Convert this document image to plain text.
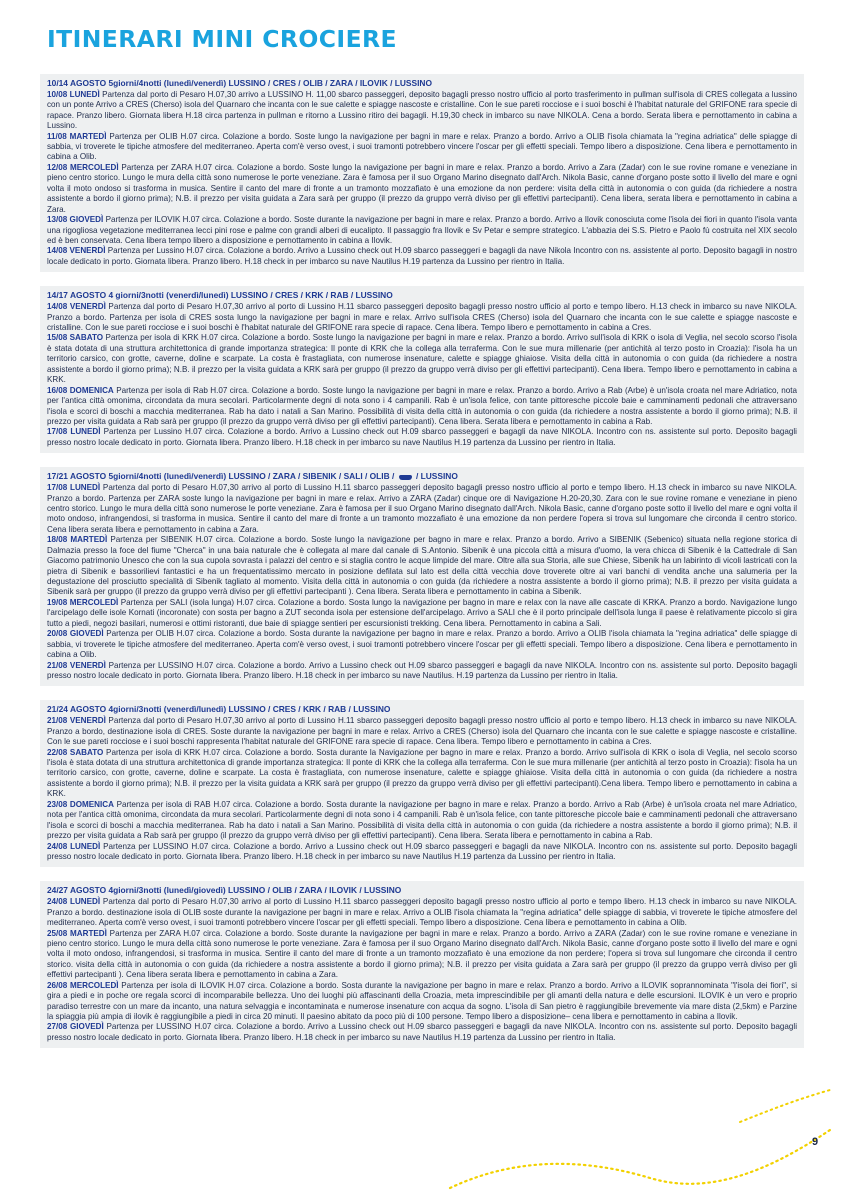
ITINERARI MINI CROCIERE
10/14 AGOSTO 5giorni/4notti (lunedì/venerdì) LUSSINO / CRES / OLIB / ZARA / ILOVIK / LUSSINO

10/08 LUNEDÌ Partenza dal porto di Pesaro H.07,30 arrivo a LUSSINO H. 11,00 sbarco passeggeri, deposito bagagli presso nostro ufficio al porto trasferimento in pullman sull'isola di CRES collegata a lussino con un ponte Arrivo a CRES (Cherso) isola del Quarnaro che incanta con le sue calette e spiagge nascoste e cristalline. Con le sue pareti rocciose e i suoi boschi è l'habitat naturale del GRIFONE rara specie di rapace. Pranzo libero. Giornata libera H.18 circa partenza in pullman e ritorno a Lussino ritiro dei bagagli. H.19,30 check in imbarco su nave NIKOLA. Cena a bordo. Serata libera e pernottamento in cabina a Lussino.

11/08 MARTEDÌ Partenza per OLIB H.07 circa. Colazione a bordo. Soste lungo la navigazione per bagni in mare e relax. Pranzo a bordo. Arrivo a OLIB l'isola chiamata la "regina adriatica" delle spiagge di sabbia, vi troverete le tipiche atmosfere del mediterraneo. Aperta com'è verso ovest, i suoi tramonti potrebbero vincere l'oscar per gli effetti speciali. Tempo libero a disposizione. Cena libera e pernottamento in cabina a Olib.

12/08 MERCOLEDÌ Partenza per ZARA H.07 circa. Colazione a bordo. Soste lungo la navigazione per bagni in mare e relax. Pranzo a bordo. Arrivo a Zara (Zadar) con le sue rovine romane e veneziane in pieno centro storico. Lungo le mura della città sono numerose le porte veneziane. Zara è famosa per il suo Organo Marino disegnato dall'Arch. Nikola Basic, canne d'organo poste sotto il livello del mare e ogni volta il moto ondoso si trasforma in musica. Sentire il canto del mare di fronte a un tramonto mozzafiato è una emozione da non perdere: visita della città in autonomia o con guida (da richiedere a nostra assistente a bordo il giorno prima); N.B. il prezzo per visita guidata a Zara sarà per gruppo (il prezzo da gruppo verrà diviso per gli effettivi partecipanti). Cena libera, serata libera e pernottamento in cabina a Zara.

13/08 GIOVEDÌ Partenza per ILOVIK H.07 circa. Colazione a bordo. Soste durante la navigazione per bagni in mare e relax. Pranzo a bordo. Arrivo a Ilovik conosciuta come l'isola dei fiori in quanto l'isola vanta una rigogliosa vegetazione mediterranea lecci pini rose e palme con grandi alberi di eucalipto. Il passaggio fra Ilovik e Sv Petar e sempre strategico. L'abbazia dei S.S. Pietro e Paolo fù costruita nel XIX secolo ed è ben conservata. Cena libera tempo libero a disposizione e pernottamento in cabina a Ilovik.

14/08 VENERDÌ Partenza per Lussino H.07 circa. Colazione a bordo. Arrivo a Lussino check out H.09 sbarco passeggeri e bagagli da nave Nikola Incontro con ns. assistente al porto. Deposito bagagli in nostro locale dedicato in porto. Giornata libera. Pranzo libero. H.18 check in per imbarco su nave Nautilus H.19 partenza da Lussino per rientro in Italia.

14/17 AGOSTO 4 giorni/3notti (venerdì/lunedì) LUSSINO / CRES / KRK / RAB / LUSSINO

14/08 VENERDÌ Partenza dal porto di Pesaro H.07,30 arrivo al porto di Lussino H.11 sbarco passeggeri deposito bagagli presso nostro ufficio al porto e tempo libero. H.13 check in imbarco su nave NIKOLA. Pranzo a bordo. Partenza per isola di CRES sosta lungo la navigazione per bagni in mare e relax. Arrivo sull'isola CRES (Cherso) isola del Quarnaro che incanta con le sue calette e spiagge nascoste e cristalline. Con le sue pareti rocciose e i suoi boschi è l'habitat naturale del GRIFONE rara specie di rapace. Cena libera. Tempo libero e pernottamento in cabina a Cres.

15/08 SABATO Partenza per isola di KRK H.07 circa. Colazione a bordo. Soste lungo la navigazione per bagni in mare e relax. Pranzo a bordo. Arrivo sull'isola di KRK o isola di Veglia, nel secolo scorso l'isola è stata dotata di una struttura architettonica di grande importanza strategica: Il ponte di KRK che la collega alla terraferma. Con le sue mura millenarie (per antichità al terzo posto in Croazia): l'isola ha un territorio carsico, con grotte, caverne, doline e scarpate. La costa è frastagliata, con numerose insenature, calette e spiagge ghiaiose. Visita della città in autonomia o con guida (da richiedere a nostra assistente a bordo il giorno prima); N.B. il prezzo per la visita guidata a KRK sarà per gruppo (il prezzo da gruppo verrà diviso per gli effettivi partecipanti). Cena libera. Tempo libero e pernottamento in cabina a KRK.

16/08 DOMENICA Partenza per isola di Rab H.07 circa. Colazione a bordo. Soste lungo la navigazione per bagni in mare e relax. Pranzo a bordo. Arrivo a Rab (Arbe) è un'isola croata nel mare Adriatico, nota per l'antica città omonima, circondata da mura secolari. Particolarmente degni di nota sono i 4 campanili. Rab è un'isola felice, con tante pittoresche piccole baie e camminamenti pedonali che attraversano l'isola e scorci di boschi a macchia mediterranea. Rab ha dato i natali a San Marino. Possibilità di visita della città in autonomia o con guida (da richiedere a nostra assistente a bordo il giorno prima); N.B. il prezzo per visita guidata a Rab sarà per gruppo (il prezzo da gruppo verrà diviso per gli effettivi partecipanti). Cena libera. Serata libera e pernottamento in cabina a Rab.

17/08 LUNEDÌ Partenza per Lussino H.07 circa. Colazione a bordo. Arrivo a Lussino check out H.09 sbarco passeggeri e bagagli da nave NIKOLA. Incontro con ns. assistente sul porto. Deposito bagagli presso nostro locale dedicato in porto. Giornata libera. Pranzo libero. H.18 check in per imbarco su nave Nautilus H.19 partenza da Lussino per rientro in Italia.

17/21 AGOSTO 5giorni/4notti (lunedì/venerdì) LUSSINO / ZARA / SIBENIK / SALI / OLIB /	/ LUSSINO

17/08 LUNEDÌ Partenza dal porto di Pesaro H.07,30 arrivo al porto di Lussino H.11 sbarco passeggeri deposito bagagli presso nostro ufficio al porto e tempo libero. H.13 check in imbarco su nave NIKOLA. Pranzo a bordo. Partenza per ZARA soste lungo la navigazione per bagni in mare e relax. Arrivo a ZARA (Zadar) cinque ore di Navigazione H.20-20,30. Zara con le sue rovine romane e veneziane in pieno centro storico. Lungo le mura della città sono numerose le porte veneziane. Zara è famosa per il suo Organo Marino disegnato dall'Arch. Nikola Basic, canne d'organo poste sotto il livello del mare e ogni volta il moto ondoso, infrangendosi, si trasforma in musica. Sentire il canto del mare di fronte a un tramonto mozzafiato è una emozione da non perdere l'opera si trova sul lungomare che circonda il centro storico. Cena libera serata libera e pernottamento in cabina a Zara.

18/08 MARTEDÌ Partenza per SIBENIK H.07 circa. Colazione a bordo. Soste lungo la navigazione per bagno in mare e relax. Pranzo a bordo. Arrivo a SIBENIK (Sebenico) situata nella regione storica di Dalmazia presso la foce del fiume "Cherca" in una baia naturale che è collegata al mare dal canale di S.Antonio. Sibenik è una piccola città a misura d'uomo, la vera chicca di Sibenik è la Cattedrale di San Giacomo patrimonio Unesco che con la sua cupola sovrasta i palazzi del centro e si staglia contro le acque limpide del mare. Oltre alla sua Storia, alle sue Chiese, Sibenik ha un labirinto di vicoli lastricati con la pietra di Sibenik e bassorilievi fantastici e ha un frequentatissimo mercato in posizione defilata sul lato est della città vecchia dove troverete oltre ai vari banchi di vendita anche una salumeria per la degustazione del prosciutto specialità di Sibenik tagliato al momento. Visita della città in autonomia o con guida (da richiedere a nostra assistente a bordo il giorno prima); N.B. il prezzo per visita guidata a Sibenik sarà per gruppo (il prezzo da gruppo verrà diviso per gli effettivi partecipanti ). Cena libera. Serata libera e pernottamento in cabina a Sibenik.

19/08 MERCOLEDÌ Partenza per SALI (isola lunga) H.07 circa. Colazione a bordo. Sosta lungo la navigazione per bagno in mare e relax con la nave alle cascate di KRKA. Pranzo a bordo. Navigazione lungo l'arcipelago delle isole Kornati (incoronate) con sosta per bagno a ZUT seconda isola per estensione dell'arcipelago. Arrivo a SALI che è il porto principale dell'isola lunga il paese è relativamente piccolo si gira tutto a piedi, negozi basilari, numerosi e ottimi ristoranti, due baie di spiagge sentieri per escursionisti trekking. Cena libera. Pernottamento in cabina a Sali.

20/08 GIOVEDÌ Partenza per OLIB H.07 circa. Colazione a bordo. Sosta durante la navigazione per bagno in mare e relax. Pranzo a bordo. Arrivo a OLIB l'isola chiamata la "regina adriatica" delle spiagge di sabbia, vi troverete le tipiche atmosfere del mediterraneo. Aperta com'è verso ovest, i suoi tramonti potrebbero vincere l'oscar per gli effetti speciali. Tempo libero a disposizione. Cena libera e pernottamento in cabina a Olib.

21/08 VENERDÌ Partenza per LUSSINO H.07 circa. Colazione a bordo. Arrivo a Lussino check out H.09 sbarco passeggeri e bagagli da nave NIKOLA. Incontro con ns. assistente sul porto. Deposito bagagli presso nostro locale dedicato in porto. Giornata libera. Pranzo libero. H.18 check in per imbarco su nave Nautilus. H.19 partenza da Lussino per rientro in Italia.

21/24 AGOSTO 4giorni/3notti (venerdì/lunedì) LUSSINO / CRES / KRK / RAB / LUSSINO

21/08 VENERDÌ Partenza dal porto di Pesaro H.07,30 arrivo al porto di Lussino H.11 sbarco passeggeri deposito bagagli presso nostro ufficio al porto e tempo libero. H.13 check in imbarco su nave NIKOLA. Pranzo a bordo, destinazione isola di CRES. Soste durante la navigazione per bagni in mare e relax. Arrivo a CRES (Cherso) isola del Quarnaro che incanta con le sue calette e spiagge nascoste e cristalline. Con le sue pareti rocciose e i suoi boschi rappresenta l'habitat naturale del GRIFONE rara specie di rapace. Cena libera. Tempo libero e pernottamento in cabina a Cres.

22/08 SABATO Partenza per isola di KRK H.07 circa. Colazione a bordo. Sosta durante la Navigazione per bagno in mare e relax. Pranzo a bordo. Arrivo sull'isola di KRK o isola di Veglia, nel secolo scorso l'isola è stata dotata di una struttura architettonica di grande importanza strategica: Il ponte di KRK che la collega alla terraferma. Con le sue mura millenarie (per antichità al terzo posto in Croazia): l'isola ha un territorio carsico, con grotte, caverne, doline e scarpate. La costa è frastagliata, con numerose insenature, calette e spiagge ghiaiose. Visita della città in autonomia o con guida (da richiedere a nostra assistente a bordo il giorno prima); N.B. il prezzo per la visita guidata a KRK sarà per gruppo (il prezzo da gruppo verrà diviso per gli effettivi partecipanti).Cena libera. Tempo libero e pernottamento in cabina a KRK.

23/08 DOMENICA Partenza per isola di RAB H.07 circa. Colazione a bordo. Sosta durante la navigazione per bagno in mare e relax. Pranzo a bordo. Arrivo a Rab (Arbe) è un'isola croata nel mare Adriatico, nota per l'antica città omonima, circondata da mura secolari. Particolarmente degni di nota sono i 4 campanili. Rab è un'isola felice, con tante pittoresche piccole baie e camminamenti pedonali che attraversano l'isola e scorci di boschi a macchia mediterranea. Rab ha dato i natali a San Marino. Possibilità di visita della città in autonomia o con guida (da richiedere a nostra assistente a bordo il giorno prima); N.B. il prezzo per visita guidata a Rab sarà per gruppo (il prezzo da gruppo verrà diviso per gli effettivi partecipanti). Cena libera. Serata libera e pernottamento in cabina a Rab.

24/08 LUNEDÌ Partenza per LUSSINO H.07 circa. Colazione a bordo. Arrivo a Lussino check out H.09 sbarco passeggeri e bagagli da nave NIKOLA. Incontro con ns. assistente sul porto. Deposito bagagli presso nostro locale dedicato in porto. Giornata libera. Pranzo libero. H.18 check in per imbarco su nave Nautilus H.19 partenza da Lussino per rientro in Italia.

24/27 AGOSTO 4giorni/3notti (lunedì/giovedì) LUSSINO / OLIB / ZARA / ILOVIK / LUSSINO

24/08 LUNEDÌ Partenza dal porto di Pesaro H.07,30 arrivo al porto di Lussino H.11 sbarco passeggeri deposito bagagli presso nostro ufficio al porto e tempo libero. H.13 check in imbarco su nave NIKOLA. Pranzo a bordo. destinazione isola di OLIB soste durante la navigazione per bagni in mare e relax. Arrivo a OLIB l'isola chiamata la "regina adriatica" delle spiagge di sabbia, vi troverete le tipiche atmosfere del mediterraneo. Aperta com'è verso ovest, i suoi tramonti potrebbero vincere l'oscar per gli effetti speciali. Tempo libero a disposizione. Cena libera e pernottamento in cabina a Olib.

25/08 MARTEDÌ Partenza per ZARA H.07 circa. Colazione a bordo. Soste durante la navigazione per bagni in mare e relax. Pranzo a bordo. Arrivo a ZARA (Zadar) con le sue rovine romane e veneziane in pieno centro storico. Lungo le mura della città sono numerose le porte veneziane. Zara è famosa per il suo Organo Marino disegnato dall'Arch. Nikola Basic, canne d'organo poste sotto il livello del mare e ogni volta il moto ondoso, infrangendosi, si trasforma in musica. Sentire il canto del mare di fronte a un tramonto mozzafiato è una emozione da non perdere; l'opera si trova sul lungomare che circonda il centro storico. visita della città in autonomia o con guida (da richiedere a nostra assistente a bordo il giorno prima); N.B. il prezzo per visita guidata a Zara sarà per gruppo (il prezzo da gruppo verrà diviso per gli effettivi partecipanti ). Cena libera serata libera e pernottamento in cabina a Zara.

26/08 MERCOLEDÌ Partenza per isola di ILOVIK H.07 circa. Colazione a bordo. Sosta durante la navigazione per bagno in mare e relax. Pranzo a bordo. Arrivo a ILOVIK soprannominata "l'isola dei fiori", si gira a piedi e in poche ore regala scorci di incomparabile bellezza. Uno dei luoghi più affascinanti della Croazia, meta imprescindibile per gli amanti della natura e delle escursioni. ILOVIK è un vero e proprio paradiso terrestre con un mare da incanto, una natura selvaggia e incontaminata e numerose insenature con acqua da sogno. L'isola di San pietro è raggiungibile brevemente via mare dista (2,5km) e Parzine la spiaggia più ampia di ilovik è raggiungibile a piedi in circa 20 minuti. Il paesino abitato da poco più di 100 persone. Tempo libero a disposizione– cena libera e pernottamento in cabina a Ilovik.

27/08 GIOVEDÌ Partenza per LUSSINO H.07 circa. Colazione a bordo. Arrivo a Lussino check out H.09 sbarco passeggeri e bagagli da nave NIKOLA. Incontro con ns. assistente sul porto. Deposito bagagli presso nostro locale dedicato in porto. Giornata libera. Pranzo libero. H.18 check in per imbarco su nave Nautilus H.19 partenza da Lussino per rientro in Italia.

9
